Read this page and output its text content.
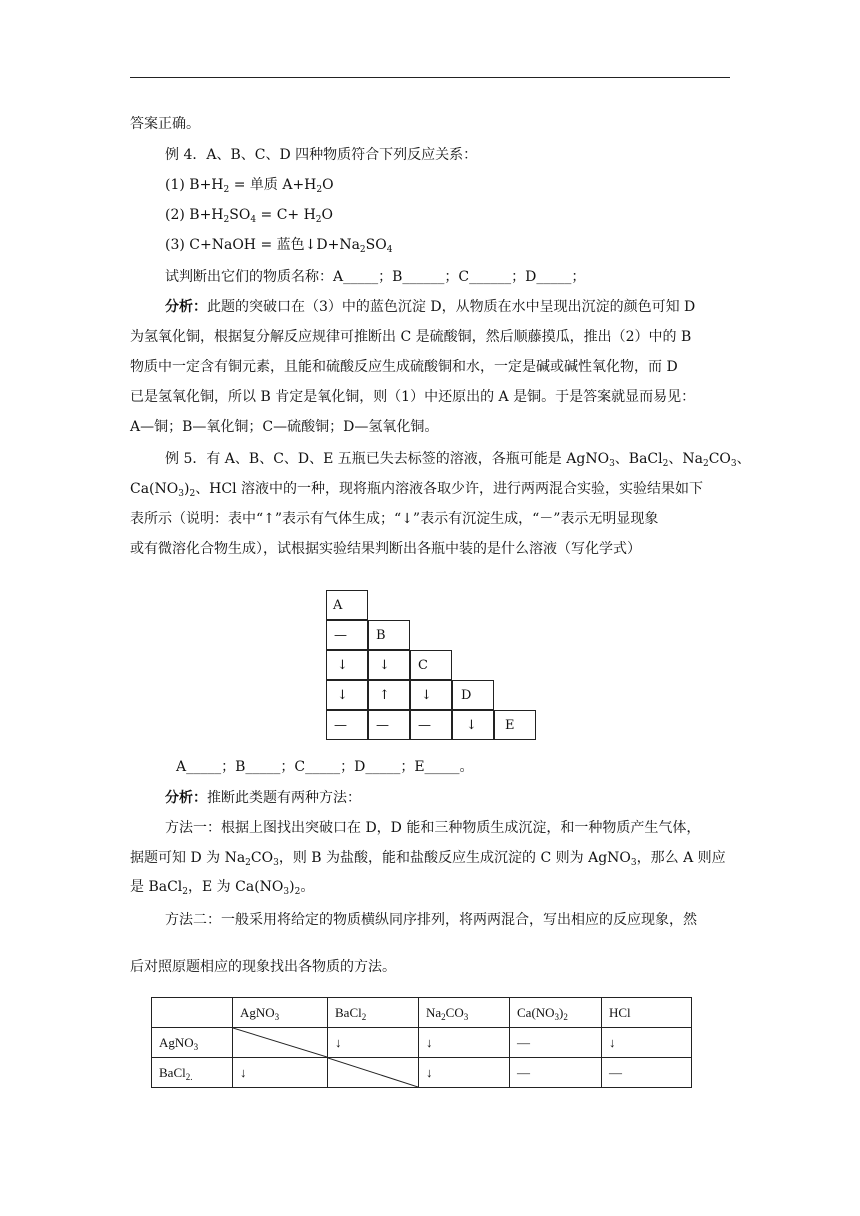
答案正确。
例 4．A、B、C、D 四种物质符合下列反应关系：
(1) $B+H_2$ = 单质 $A+H_2O$
(2) $B+H_2SO_4 = C+ H_2O$
(3) C+NaOH = 蓝色$↓D+Na_2SO_4$
试判断出它们的物质名称：A_____；B______；C______；D_____；
分析：此题的突破口在（3）中的蓝色沉淀 D，从物质在水中呈现出沉淀的颜色可知 D
为氢氧化铜，根据复分解反应规律可推断出 C 是硫酸铜，然后顺藤摸瓜，推出（2）中的 B
物质中一定含有铜元素，且能和硫酸反应生成硫酸铜和水，一定是碱或碱性氧化物，而 D
已是氢氧化铜，所以 B 肯定是氧化铜，则（1）中还原出的 A 是铜。于是答案就显而易见：
A—铜；B—氧化铜；C—硫酸铜；D—氢氧化铜。
例 5．有 A、B、C、D、E 五瓶已失去标签的溶液，各瓶可能是 AgNO$_3$、BaCl$_2$、$Na_2CO_3$、
$Ca(NO_3)_2$、HCl 溶液中的一种，现将瓶内溶液各取少许，进行两两混合实验，实验结果如下
表所示（说明：表中“↑”表示有气体生成；“↓”表示有沉淀生成，“－”表示无明显现象
或有微溶化合物生成），试根据实验结果判断出各瓶中装的是什么溶液（写化学式）
A
— B
↓ ↓ C
↓ ↑ ↓ D
— — —	↓ E
A_____；B_____；C_____；D_____；E_____。
分析：推断此类题有两种方法：
方法一：根据上图找出突破口在 D，D 能和三种物质生成沉淀，和一种物质产生气体，
据题可知 D 为 $Na_2CO_3$，则 B 为盐酸，能和盐酸反应生成沉淀的 C 则为 AgNO$_3$，那么 A 则应
是 BaCl$_2$，E 为 $Ca(NO_3)_2$。
方法二：一般采用将给定的物质横纵同序排列，将两两混合，写出相应的反应现象，然
后对照原题相应的现象找出各物质的方法。
	AgNO$_3$	BaCl$_2$	$Na_2CO_3$	$Ca(NO_3)_2$	HCl
AgNO$_3$		↓	↓	—	↓
BaCl$_{2.}$	↓		↓	—	—
